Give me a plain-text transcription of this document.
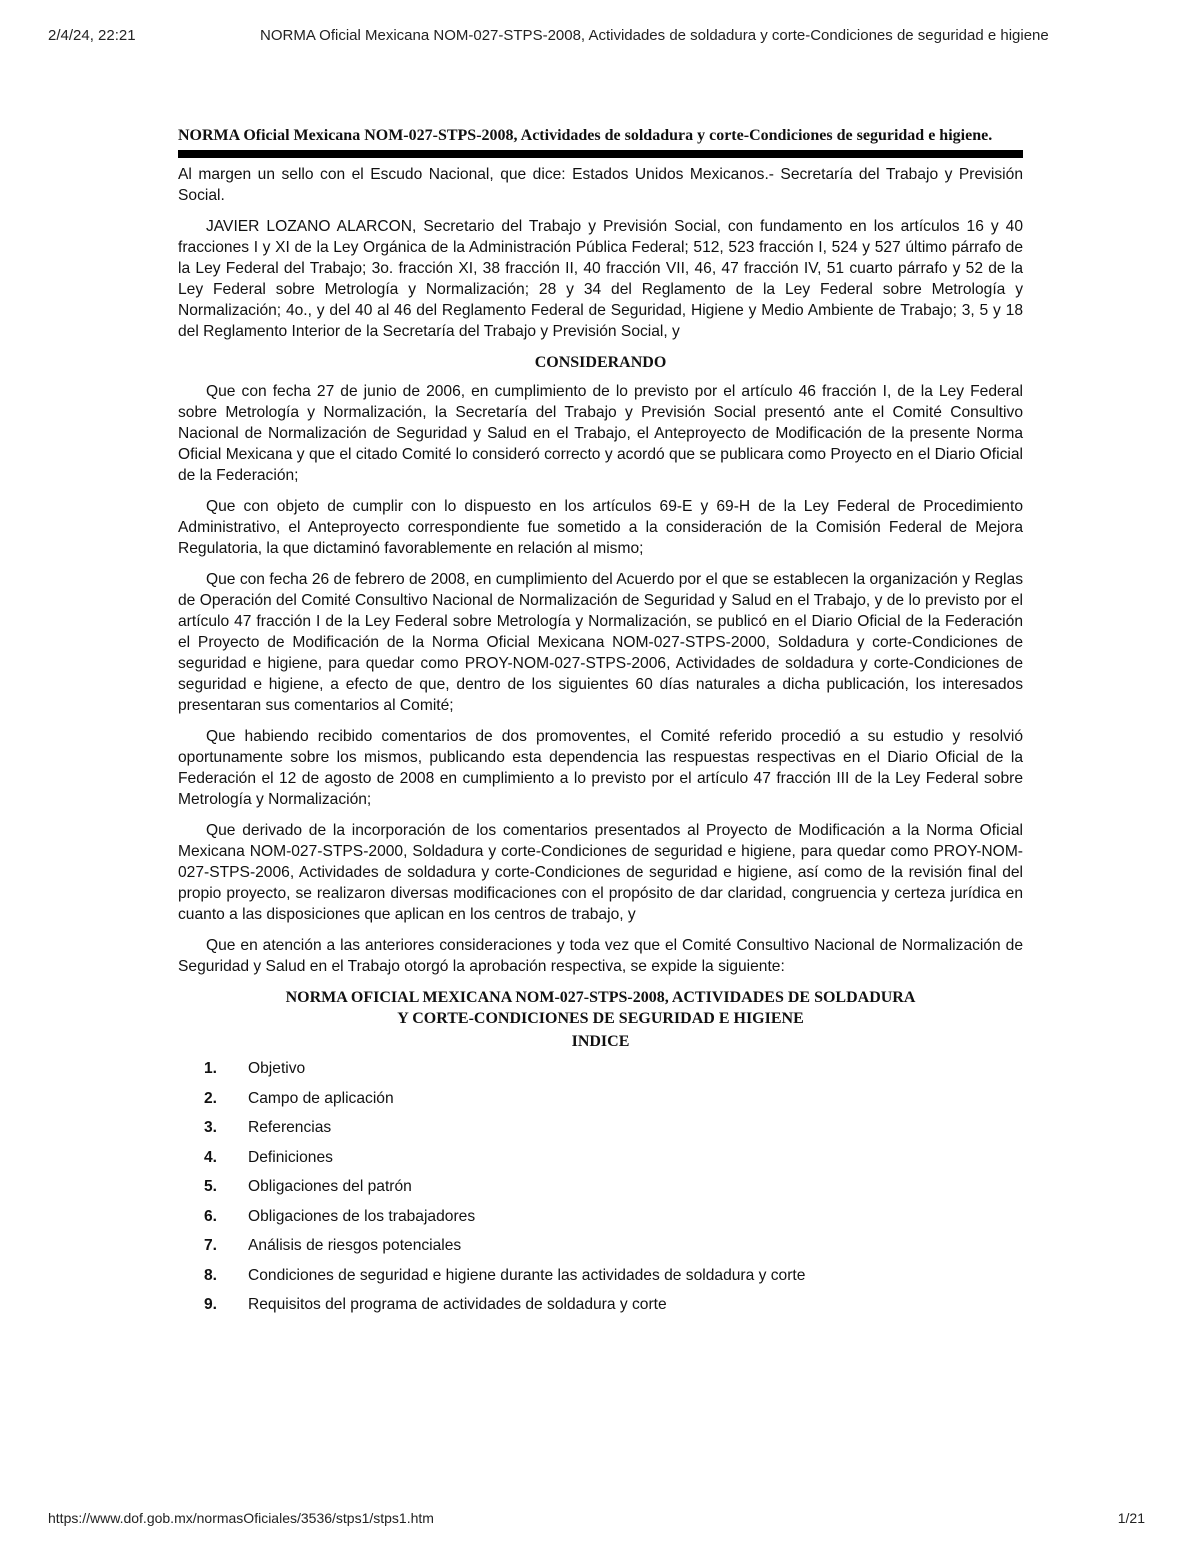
2/4/24, 22:21	NORMA Oficial Mexicana NOM-027-STPS-2008, Actividades de soldadura y corte-Condiciones de seguridad e higiene
NORMA Oficial Mexicana NOM-027-STPS-2008, Actividades de soldadura y corte-Condiciones de seguridad e higiene.

Al margen un sello con el Escudo Nacional, que dice: Estados Unidos Mexicanos.- Secretaría del Trabajo y Previsión Social.

JAVIER LOZANO ALARCON, Secretario del Trabajo y Previsión Social, con fundamento en los artículos 16 y 40 fracciones I y XI de la Ley Orgánica de la Administración Pública Federal; 512, 523 fracción I, 524 y 527 último párrafo de la Ley Federal del Trabajo; 3o. fracción XI, 38 fracción II, 40 fracción VII, 46, 47 fracción IV, 51 cuarto párrafo y 52 de la Ley Federal sobre Metrología y Normalización; 28 y 34 del Reglamento de la Ley Federal sobre Metrología y Normalización; 4o., y del 40 al 46 del Reglamento Federal de Seguridad, Higiene y Medio Ambiente de Trabajo; 3, 5 y 18 del Reglamento Interior de la Secretaría del Trabajo y Previsión Social, y

CONSIDERANDO

Que con fecha 27 de junio de 2006, en cumplimiento de lo previsto por el artículo 46 fracción I, de la Ley Federal sobre Metrología y Normalización, la Secretaría del Trabajo y Previsión Social presentó ante el Comité Consultivo Nacional de Normalización de Seguridad y Salud en el Trabajo, el Anteproyecto de Modificación de la presente Norma Oficial Mexicana y que el citado Comité lo consideró correcto y acordó que se publicara como Proyecto en el Diario Oficial de la Federación;

Que con objeto de cumplir con lo dispuesto en los artículos 69-E y 69-H de la Ley Federal de Procedimiento Administrativo, el Anteproyecto correspondiente fue sometido a la consideración de la Comisión Federal de Mejora Regulatoria, la que dictaminó favorablemente en relación al mismo;

Que con fecha 26 de febrero de 2008, en cumplimiento del Acuerdo por el que se establecen la organización y Reglas de Operación del Comité Consultivo Nacional de Normalización de Seguridad y Salud en el Trabajo, y de lo previsto por el artículo 47 fracción I de la Ley Federal sobre Metrología y Normalización, se publicó en el Diario Oficial de la Federación el Proyecto de Modificación de la Norma Oficial Mexicana NOM-027-STPS-2000, Soldadura y corte-Condiciones de seguridad e higiene, para quedar como PROY-NOM-027-STPS-2006, Actividades de soldadura y corte-Condiciones de seguridad e higiene, a efecto de que, dentro de los siguientes 60 días naturales a dicha publicación, los interesados presentaran sus comentarios al Comité;

Que habiendo recibido comentarios de dos promoventes, el Comité referido procedió a su estudio y resolvió oportunamente sobre los mismos, publicando esta dependencia las respuestas respectivas en el Diario Oficial de la Federación el 12 de agosto de 2008 en cumplimiento a lo previsto por el artículo 47 fracción III de la Ley Federal sobre Metrología y Normalización;

Que derivado de la incorporación de los comentarios presentados al Proyecto de Modificación a la Norma Oficial Mexicana NOM-027-STPS-2000, Soldadura y corte-Condiciones de seguridad e higiene, para quedar como PROY-NOM-027-STPS-2006, Actividades de soldadura y corte-Condiciones de seguridad e higiene, así como de la revisión final del propio proyecto, se realizaron diversas modificaciones con el propósito de dar claridad, congruencia y certeza jurídica en cuanto a las disposiciones que aplican en los centros de trabajo, y

Que en atención a las anteriores consideraciones y toda vez que el Comité Consultivo Nacional de Normalización de Seguridad y Salud en el Trabajo otorgó la aprobación respectiva, se expide la siguiente:

NORMA OFICIAL MEXICANA NOM-027-STPS-2008, ACTIVIDADES DE SOLDADURA
Y CORTE-CONDICIONES DE SEGURIDAD E HIGIENE
INDICE
1.	Objetivo
2.	Campo de aplicación
3.	Referencias
4.	Definiciones
5.	Obligaciones del patrón
6.	Obligaciones de los trabajadores
7.	Análisis de riesgos potenciales
8.	Condiciones de seguridad e higiene durante las actividades de soldadura y corte
9.	Requisitos del programa de actividades de soldadura y corte
https://www.dof.gob.mx/normasOficiales/3536/stps1/stps1.htm	1/21
